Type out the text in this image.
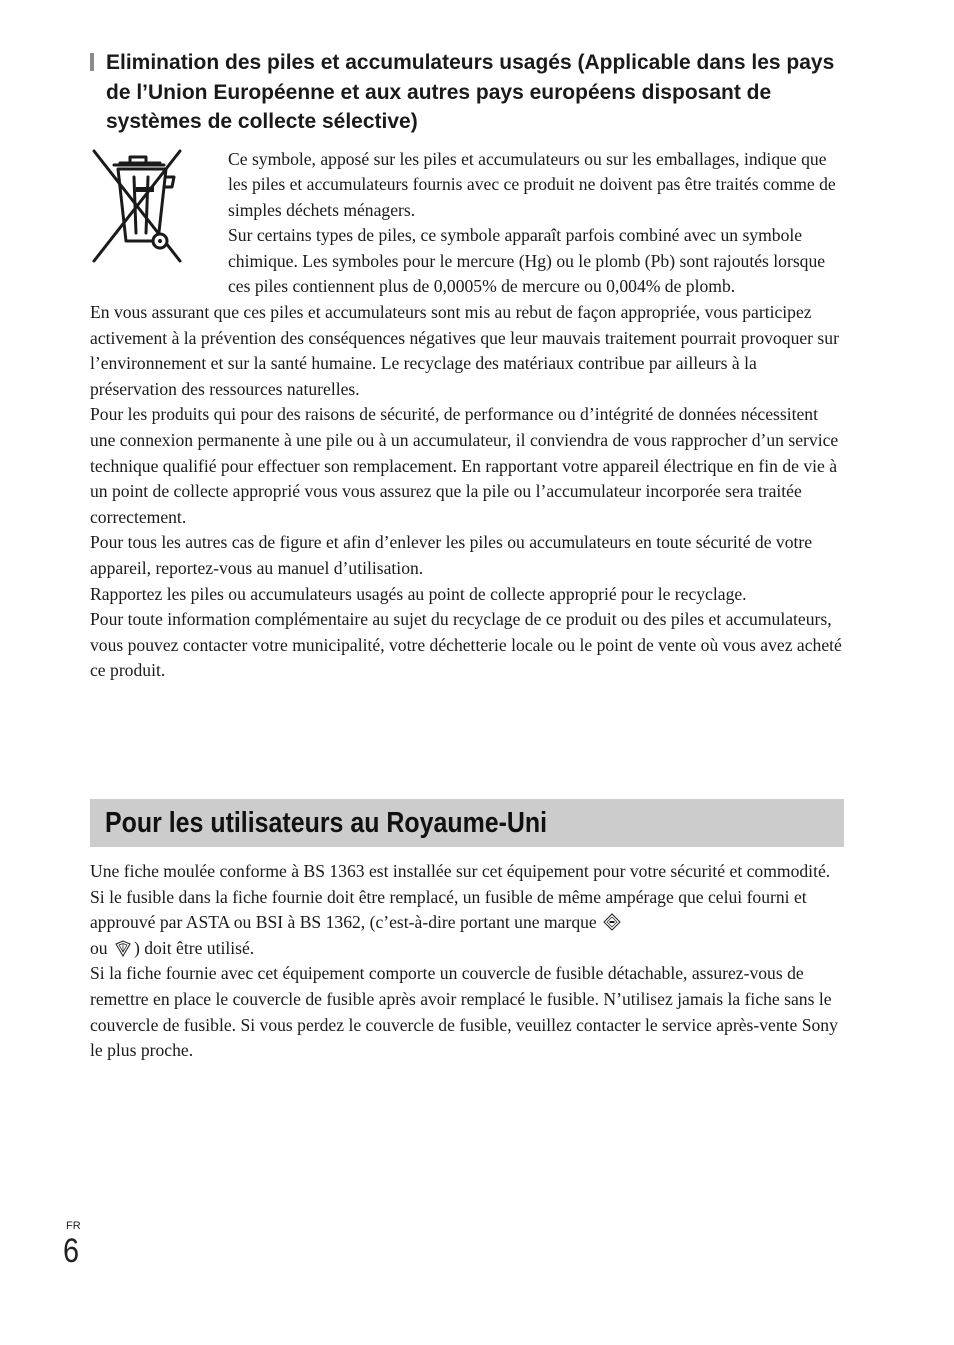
Elimination des piles et accumulateurs usagés (Applicable dans les pays de l’Union Européenne et aux autres pays européens disposant de systèmes de collecte sélective)

Ce symbole, apposé sur les piles et accumulateurs ou sur les emballages, indique que les piles et accumulateurs fournis avec ce produit ne doivent pas être traités comme de simples déchets ménagers.

Sur certains types de piles, ce symbole apparaît parfois combiné avec un symbole chimique. Les symboles pour le mercure (Hg) ou le plomb (Pb) sont rajoutés lorsque ces piles contiennent plus de 0,0005% de mercure ou 0,004% de plomb.

En vous assurant que ces piles et accumulateurs sont mis au rebut de façon appropriée, vous participez activement à la prévention des conséquences négatives que leur mauvais traitement pourrait provoquer sur l’environnement et sur la santé humaine. Le recyclage des matériaux contribue par ailleurs à la préservation des ressources naturelles.

Pour les produits qui pour des raisons de sécurité, de performance ou d’intégrité de données nécessitent une connexion permanente à une pile ou à un accumulateur, il conviendra de vous rapprocher d’un service technique qualifié pour effectuer son remplacement. En rapportant votre appareil électrique en fin de vie à un point de collecte approprié vous vous assurez que la pile ou l’accumulateur incorporée sera traitée correctement.

Pour tous les autres cas de figure et afin d’enlever les piles ou accumulateurs en toute sécurité de votre appareil, reportez-vous au manuel d’utilisation.

Rapportez les piles ou accumulateurs usagés au point de collecte approprié pour le recyclage.

Pour toute information complémentaire au sujet du recyclage de ce produit ou des piles et accumulateurs, vous pouvez contacter votre municipalité, votre déchetterie locale ou le point de vente où vous avez acheté ce produit.

Pour les utilisateurs au Royaume-Uni

Une fiche moulée conforme à BS 1363 est installée sur cet équipement pour votre sécurité et commodité.

Si le fusible dans la fiche fournie doit être remplacé, un fusible de même ampérage que celui fourni et approuvé par ASTA ou BSI à BS 1362, (c’est-à-dire portant une marque
ou ) doit être utilisé.

Si la fiche fournie avec cet équipement comporte un couvercle de fusible détachable, assurez-vous de remettre en place le couvercle de fusible après avoir remplacé le fusible. N’utilisez jamais la fiche sans le couvercle de fusible. Si vous perdez le couvercle de fusible, veuillez contacter le service après-vente Sony le plus proche.

FR
6
